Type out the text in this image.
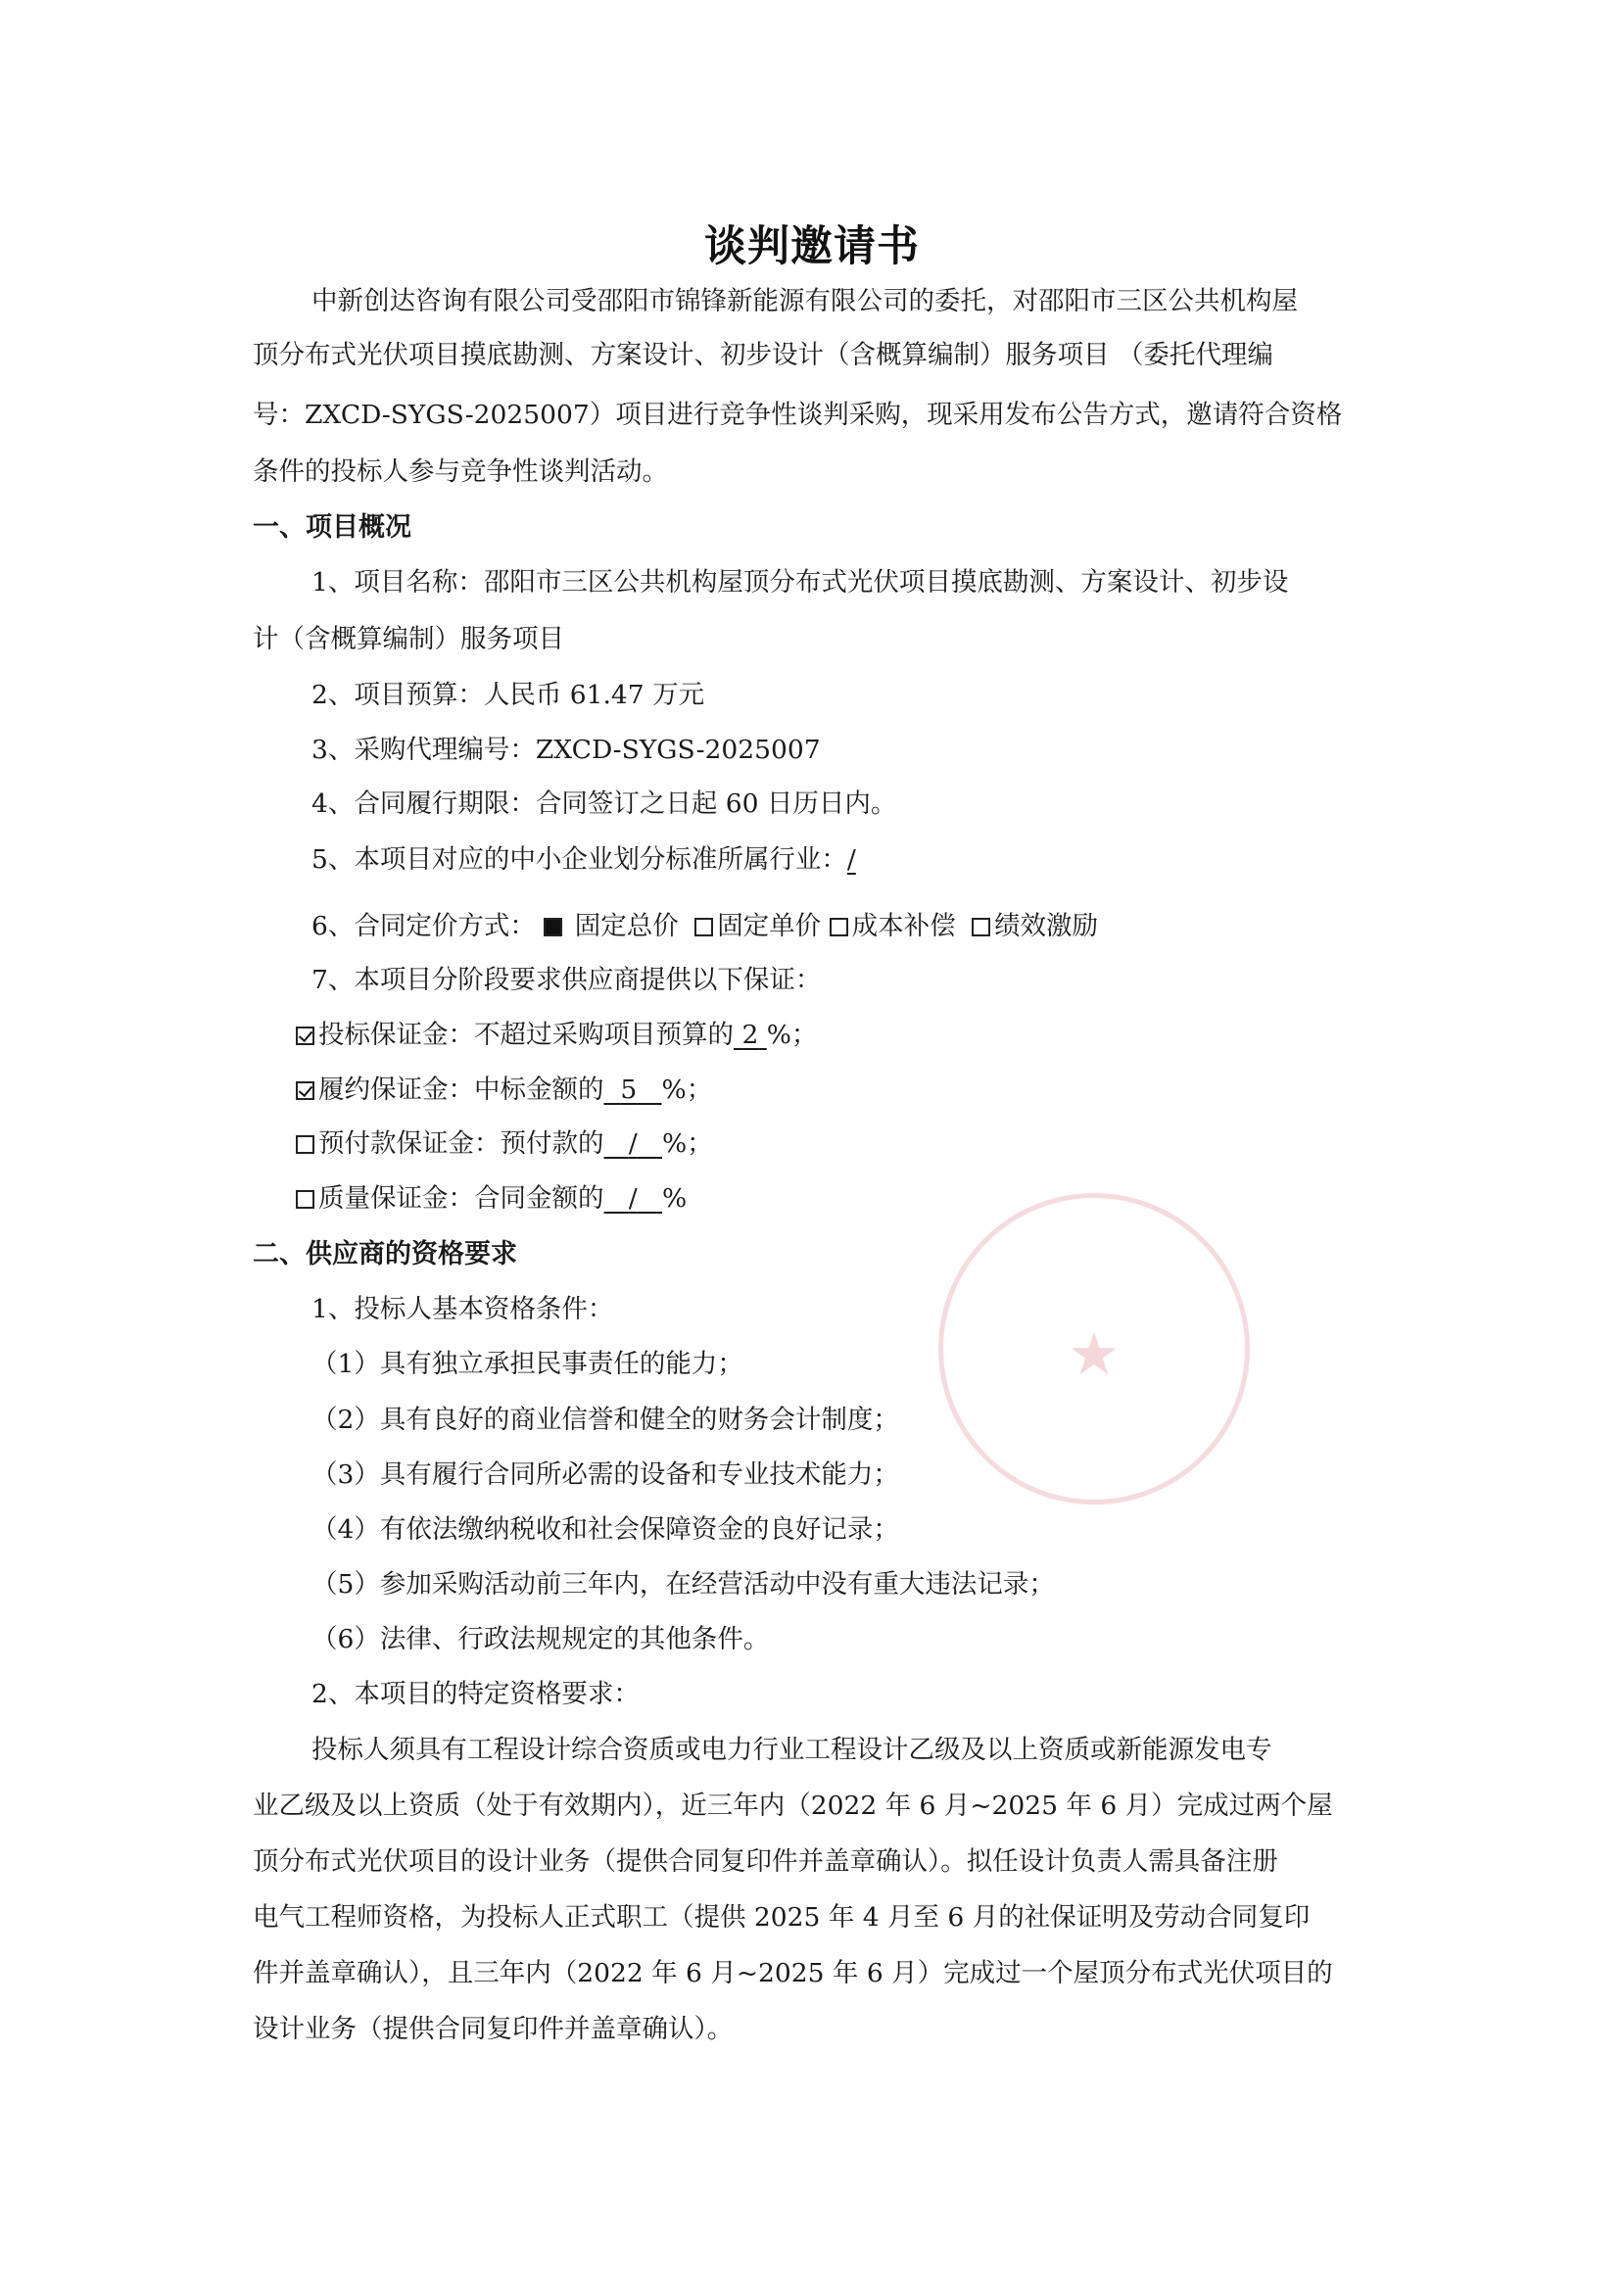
谈判邀请书
中新创达咨询有限公司受邵阳市锦锋新能源有限公司的委托，对邵阳市三区公共机构屋
顶分布式光伏项目摸底勘测、方案设计、初步设计（含概算编制）服务项目 （委托代理编
号：ZXCD-SYGS-2025007）项目进行竞争性谈判采购，现采用发布公告方式，邀请符合资格
条件的投标人参与竞争性谈判活动。
一、项目概况
1、项目名称：邵阳市三区公共机构屋顶分布式光伏项目摸底勘测、方案设计、初步设
计（含概算编制）服务项目
2、项目预算：人民币 61.47 万元
3、采购代理编号：ZXCD-SYGS-2025007
4、合同履行期限：合同签订之日起 60 日历日内。
5、本项目对应的中小企业划分标准所属行业：/
6、合同定价方式： 固定总价 固定单价 成本补偿 绩效激励
7、本项目分阶段要求供应商提供以下保证：
投标保证金：不超过采购项目预算的 2 %；
履约保证金：中标金额的 5 %；
预付款保证金：预付款的 / %；
质量保证金：合同金额的 / %
二、供应商的资格要求
1、投标人基本资格条件：
（1）具有独立承担民事责任的能力；
（2）具有良好的商业信誉和健全的财务会计制度；
（3）具有履行合同所必需的设备和专业技术能力；
（4）有依法缴纳税收和社会保障资金的良好记录；
（5）参加采购活动前三年内，在经营活动中没有重大违法记录；
（6）法律、行政法规规定的其他条件。
2、本项目的特定资格要求：
投标人须具有工程设计综合资质或电力行业工程设计乙级及以上资质或新能源发电专
业乙级及以上资质（处于有效期内），近三年内（2022 年 6 月~2025 年 6 月）完成过两个屋
顶分布式光伏项目的设计业务（提供合同复印件并盖章确认）。拟任设计负责人需具备注册
电气工程师资格，为投标人正式职工（提供 2025 年 4 月至 6 月的社保证明及劳动合同复印
件并盖章确认），且三年内（2022 年 6 月~2025 年 6 月）完成过一个屋顶分布式光伏项目的
设计业务（提供合同复印件并盖章确认）。
★
